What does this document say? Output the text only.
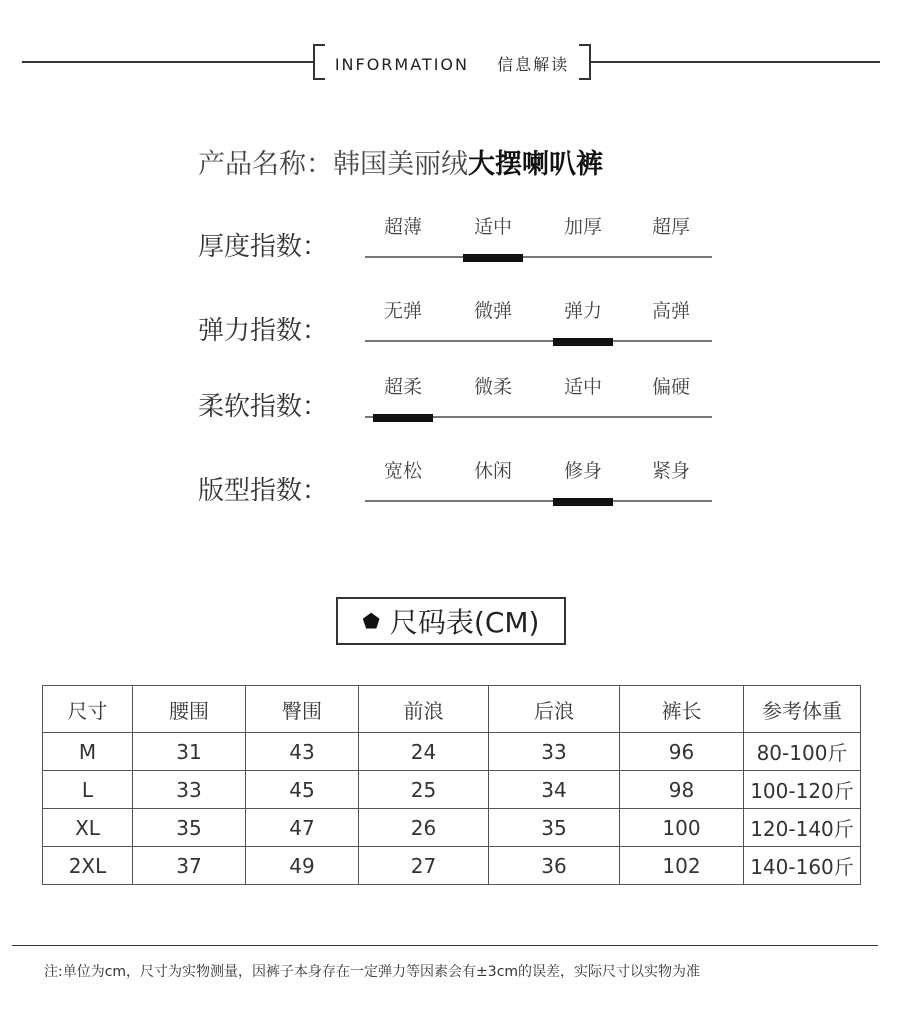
INFORMATION 信息解读
产品名称：韩国美丽绒大摆喇叭裤
厚度指数：
超薄	适中	加厚	超厚
弹力指数：
无弹	微弹	弹力	高弹
柔软指数：
超柔	微柔	适中	偏硬
版型指数：
宽松	休闲	修身	紧身
⬟ 尺码表(CM)
尺寸	腰围	臀围	前浪	后浪	裤长	参考体重
M	31	43	24	33	96	80-100斤
L	33	45	25	34	98	100-120斤
XL	35	47	26	35	100	120-140斤
2XL	37	49	27	36	102	140-160斤
注:单位为cm，尺寸为实物测量，因裤子本身存在一定弹力等因素会有±3cm的误差，实际尺寸以实物为准
